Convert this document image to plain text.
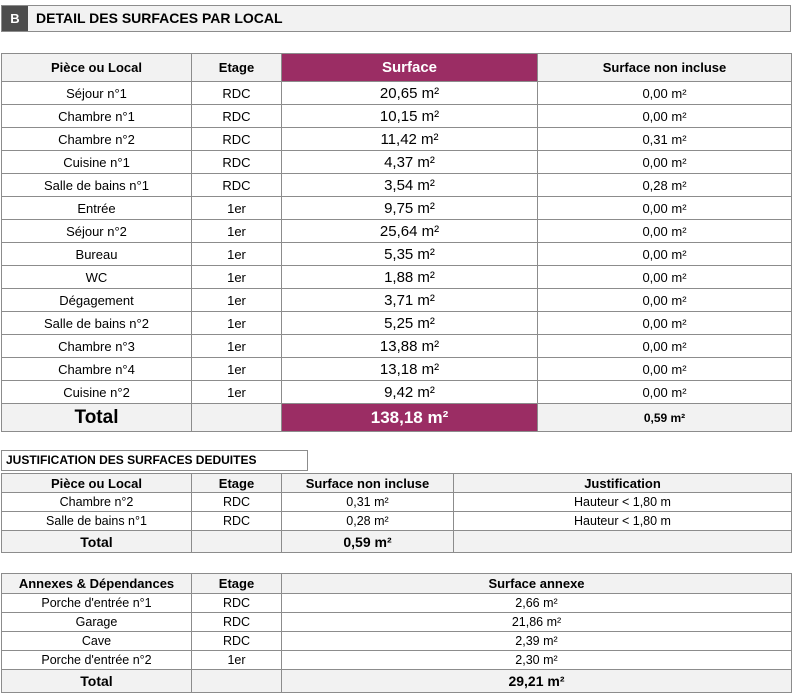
B	DETAIL DES SURFACES PAR LOCAL
Pièce ou Local	Etage	Surface	Surface non incluse
Séjour n°1	RDC	20,65 m²	0,00 m²
Chambre n°1	RDC	10,15 m²	0,00 m²
Chambre n°2	RDC	11,42 m²	0,31 m²
Cuisine n°1	RDC	4,37 m²	0,00 m²
Salle de bains n°1	RDC	3,54 m²	0,28 m²
Entrée	1er	9,75 m²	0,00 m²
Séjour n°2	1er	25,64 m²	0,00 m²
Bureau	1er	5,35 m²	0,00 m²
WC	1er	1,88 m²	0,00 m²
Dégagement	1er	3,71 m²	0,00 m²
Salle de bains n°2	1er	5,25 m²	0,00 m²
Chambre n°3	1er	13,88 m²	0,00 m²
Chambre n°4	1er	13,18 m²	0,00 m²
Cuisine n°2	1er	9,42 m²	0,00 m²
Total		138,18 m²	0,59 m²
JUSTIFICATION DES SURFACES DEDUITES
Pièce ou Local	Etage	Surface non incluse	Justification
Chambre n°2	RDC	0,31 m²	Hauteur < 1,80 m
Salle de bains n°1	RDC	0,28 m²	Hauteur < 1,80 m
Total		0,59 m²	
Annexes & Dépendances	Etage	Surface annexe
Porche d'entrée n°1	RDC	2,66 m²
Garage	RDC	21,86 m²
Cave	RDC	2,39 m²
Porche d'entrée n°2	1er	2,30 m²
Total		29,21 m²
